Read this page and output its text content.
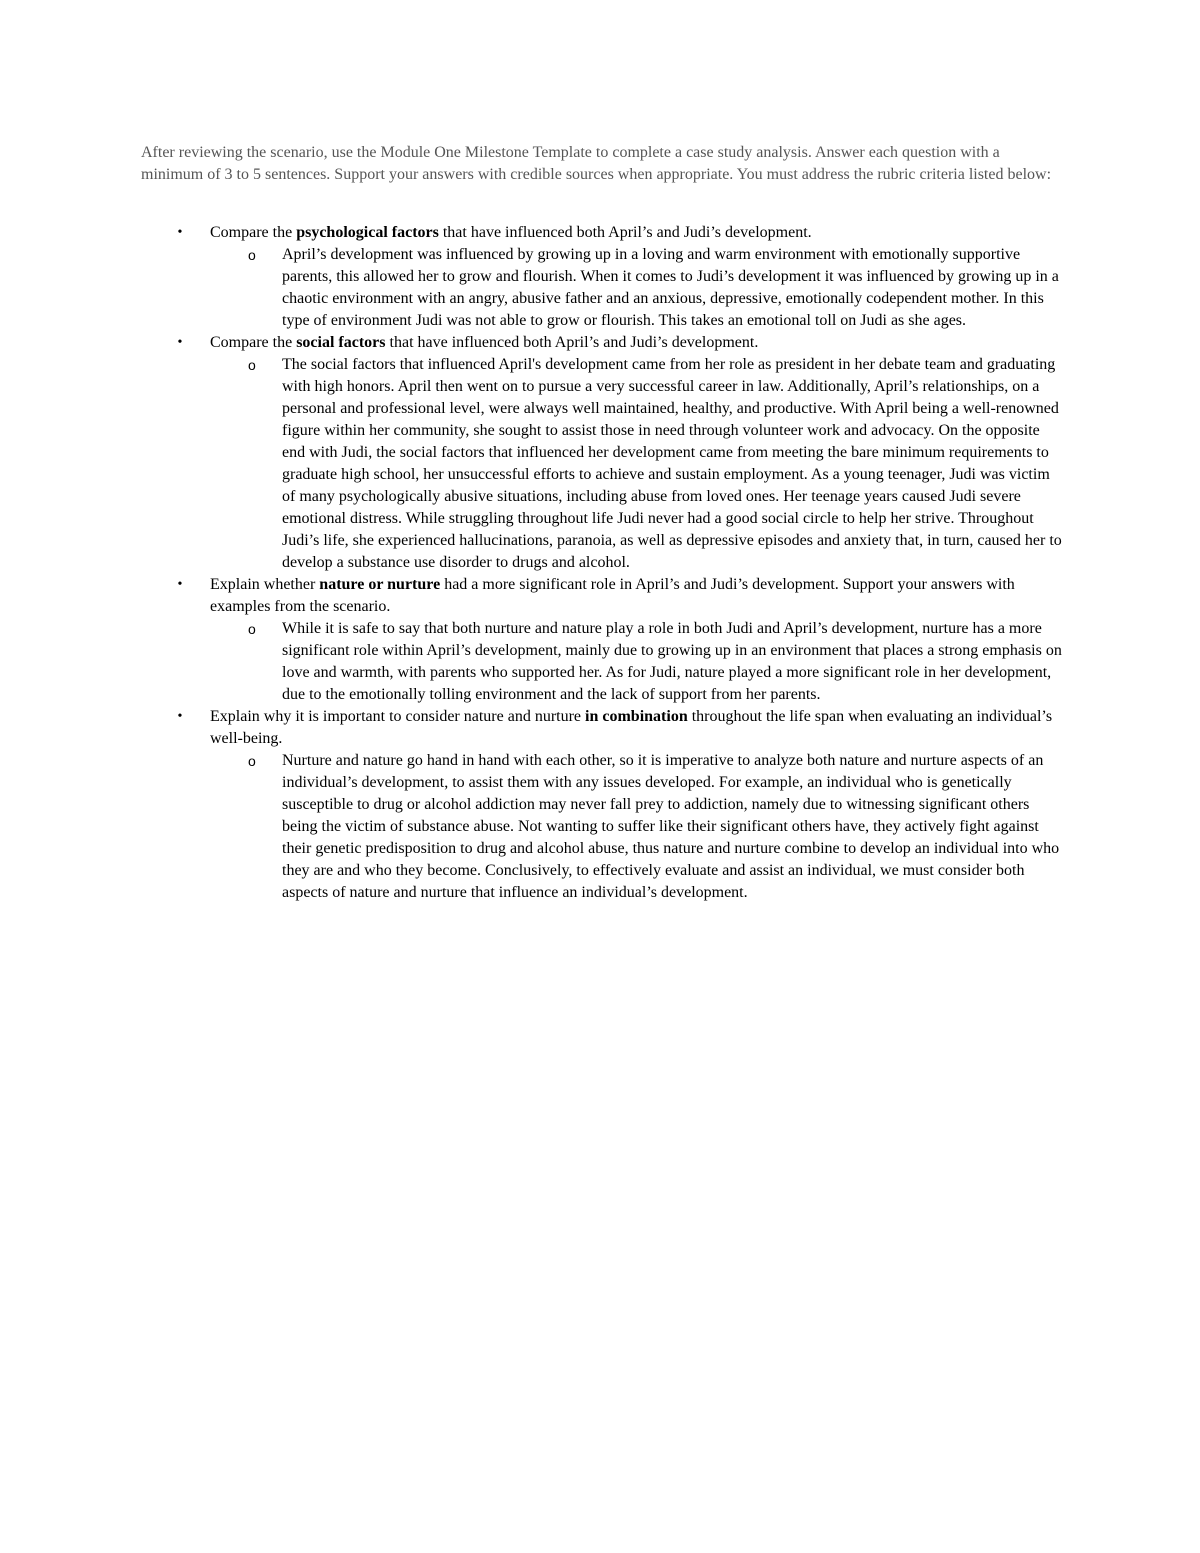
After reviewing the scenario, use the Module One Milestone Template to complete a case study analysis. Answer each question with a minimum of 3 to 5 sentences. Support your answers with credible sources when appropriate. You must address the rubric criteria listed below:

• Compare the psychological factors that have influenced both April’s and Judi’s development.
o April’s development was influenced by growing up in a loving and warm environment with emotionally supportive parents, this allowed her to grow and flourish. When it comes to Judi’s development it was influenced by growing up in a chaotic environment with an angry, abusive father and an anxious, depressive, emotionally codependent mother. In this type of environment Judi was not able to grow or flourish. This takes an emotional toll on Judi as she ages.
• Compare the social factors that have influenced both April’s and Judi’s development.
o The social factors that influenced April's development came from her role as president in her debate team and graduating with high honors. April then went on to pursue a very successful career in law. Additionally, April’s relationships, on a personal and professional level, were always well maintained, healthy, and productive. With April being a well-renowned figure within her community, she sought to assist those in need through volunteer work and advocacy. On the opposite end with Judi, the social factors that influenced her development came from meeting the bare minimum requirements to graduate high school, her unsuccessful efforts to achieve and sustain employment. As a young teenager, Judi was victim of many psychologically abusive situations, including abuse from loved ones. Her teenage years caused Judi severe emotional distress. While struggling throughout life Judi never had a good social circle to help her strive. Throughout Judi’s life, she experienced hallucinations, paranoia, as well as depressive episodes and anxiety that, in turn, caused her to develop a substance use disorder to drugs and alcohol.
• Explain whether nature or nurture had a more significant role in April’s and Judi’s development. Support your answers with examples from the scenario.
o While it is safe to say that both nurture and nature play a role in both Judi and April’s development, nurture has a more significant role within April’s development, mainly due to growing up in an environment that places a strong emphasis on love and warmth, with parents who supported her. As for Judi, nature played a more significant role in her development, due to the emotionally tolling environment and the lack of support from her parents.
• Explain why it is important to consider nature and nurture in combination throughout the life span when evaluating an individual’s well-being.
o Nurture and nature go hand in hand with each other, so it is imperative to analyze both nature and nurture aspects of an individual’s development, to assist them with any issues developed. For example, an individual who is genetically susceptible to drug or alcohol addiction may never fall prey to addiction, namely due to witnessing significant others being the victim of substance abuse. Not wanting to suffer like their significant others have, they actively fight against their genetic predisposition to drug and alcohol abuse, thus nature and nurture combine to develop an individual into who they are and who they become. Conclusively, to effectively evaluate and assist an individual, we must consider both aspects of nature and nurture that influence an individual’s development.
